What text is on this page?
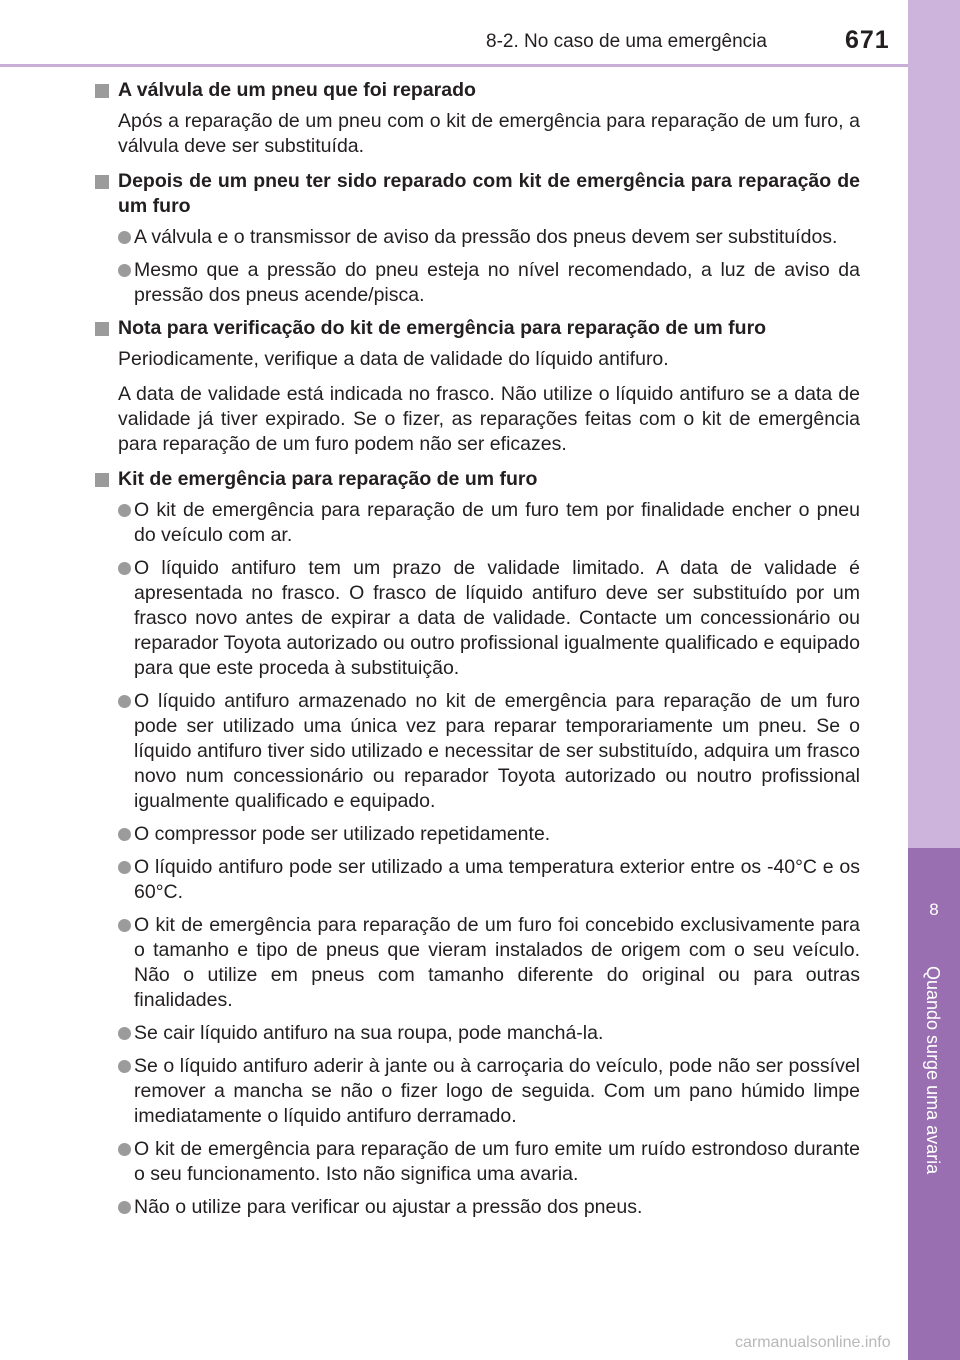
8-2. No caso de uma emergência	671
8
Quando surge uma avaria
A válvula de um pneu que foi reparado

Após a reparação de um pneu com o kit de emergência para reparação de um furo, a válvula deve ser substituída.

Depois de um pneu ter sido reparado com kit de emergência para reparação de um furo
A válvula e o transmissor de aviso da pressão dos pneus devem ser substituídos.
Mesmo que a pressão do pneu esteja no nível recomendado, a luz de aviso da pressão dos pneus acende/pisca.
Nota para verificação do kit de emergência para reparação de um furo

Periodicamente, verifique a data de validade do líquido antifuro.

A data de validade está indicada no frasco. Não utilize o líquido antifuro se a data de validade já tiver expirado. Se o fizer, as reparações feitas com o kit de emergência para reparação de um furo podem não ser eficazes.

Kit de emergência para reparação de um furo
O kit de emergência para reparação de um furo tem por finalidade encher o pneu do veículo com ar.
O líquido antifuro tem um prazo de validade limitado. A data de validade é apresentada no frasco. O frasco de líquido antifuro deve ser substituído por um frasco novo antes de expirar a data de validade. Contacte um concessionário ou reparador Toyota autorizado ou outro profissional igualmente qualificado e equipado para que este proceda à substituição.
O líquido antifuro armazenado no kit de emergência para reparação de um furo pode ser utilizado uma única vez para reparar temporariamente um pneu. Se o líquido antifuro tiver sido utilizado e necessitar de ser substituído, adquira um frasco novo num concessionário ou reparador Toyota autorizado ou noutro profissional igualmente qualificado e equipado.
O compressor pode ser utilizado repetidamente.
O líquido antifuro pode ser utilizado a uma temperatura exterior entre os -40°C e os 60°C.
O kit de emergência para reparação de um furo foi concebido exclusivamente para o tamanho e tipo de pneus que vieram instalados de origem com o seu veículo. Não o utilize em pneus com tamanho diferente do original ou para outras finalidades.
Se cair líquido antifuro na sua roupa, pode manchá-la.
Se o líquido antifuro aderir à jante ou à carroçaria do veículo, pode não ser possível remover a mancha se não o fizer logo de seguida. Com um pano húmido limpe imediatamente o líquido antifuro derramado.
O kit de emergência para reparação de um furo emite um ruído estrondoso durante o seu funcionamento. Isto não significa uma avaria.
Não o utilize para verificar ou ajustar a pressão dos pneus.
carmanualsonline.info
